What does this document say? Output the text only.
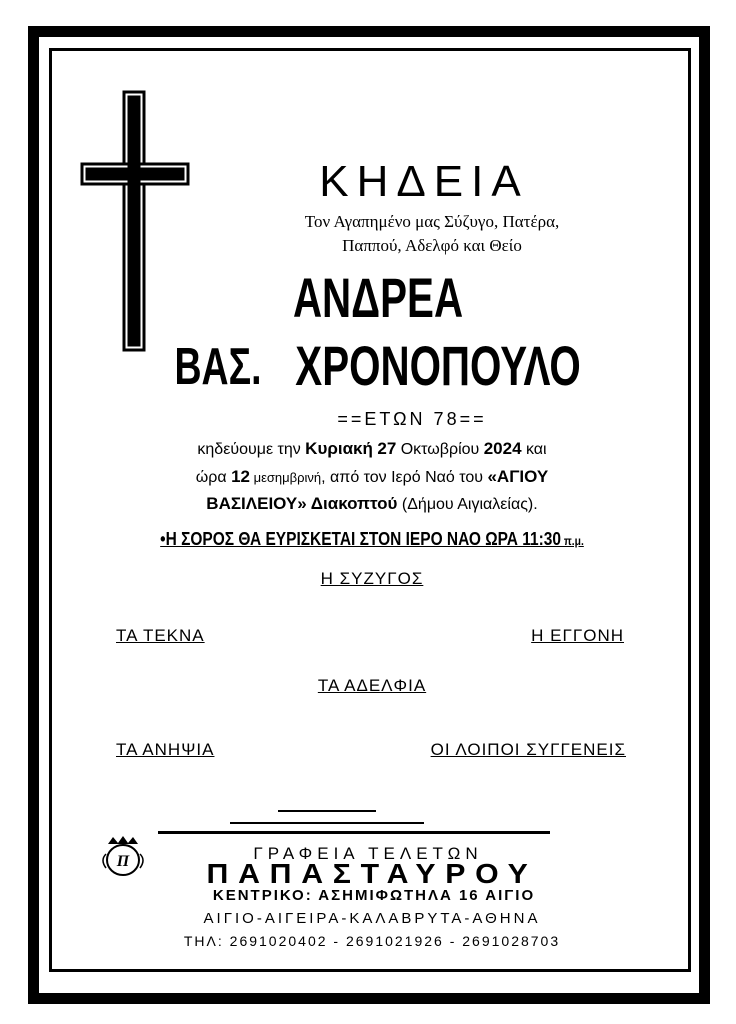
ΚΗΔΕΙΑ
Τον Αγαπημένο μας Σύζυγο, Πατέρα,
Παππού, Αδελφό και Θείο
ΑΝΔΡΕΑ
ΒΑΣ. ΧΡΟΝΟΠΟΥΛΟ
==ΕΤΩΝ 78==
κηδεύουμε την Κυριακή 27 Οκτωβρίου 2024 και
ώρα 12 μεσημβρινή, από τον Ιερό Ναό του «ΑΓΙΟΥ
ΒΑΣΙΛΕΙΟΥ» Διακοπτού (Δήμου Αιγιαλείας).
•Η ΣΟΡΟΣ ΘΑ ΕΥΡΙΣΚΕΤΑΙ ΣΤΟΝ ΙΕΡΟ ΝΑΟ ΩΡΑ 11:30 π.μ.
Η ΣΥΖΥΓΟΣ
ΤΑ ΤΕΚΝΑ	Η ΕΓΓΟΝΗ
ΤΑ ΑΔΕΛΦΙΑ
ΤΑ ΑΝΗΨΙΑ	ΟΙ ΛΟΙΠΟΙ ΣΥΓΓΕΝΕΙΣ
Π	ΓΡΑΦΕΙΑ ΤΕΛΕΤΩΝ
ΠΑΠΑΣΤΑΥΡΟΥ
ΚΕΝΤΡΙΚΟ: ΑΣΗΜΙΦΩΤΗΛΑ 16 ΑΙΓΙΟ
ΑΙΓΙΟ-ΑΙΓΕΙΡΑ-ΚΑΛΑΒΡΥΤΑ-ΑΘΗΝΑ
ΤΗΛ: 2691020402 - 2691021926 - 2691028703
